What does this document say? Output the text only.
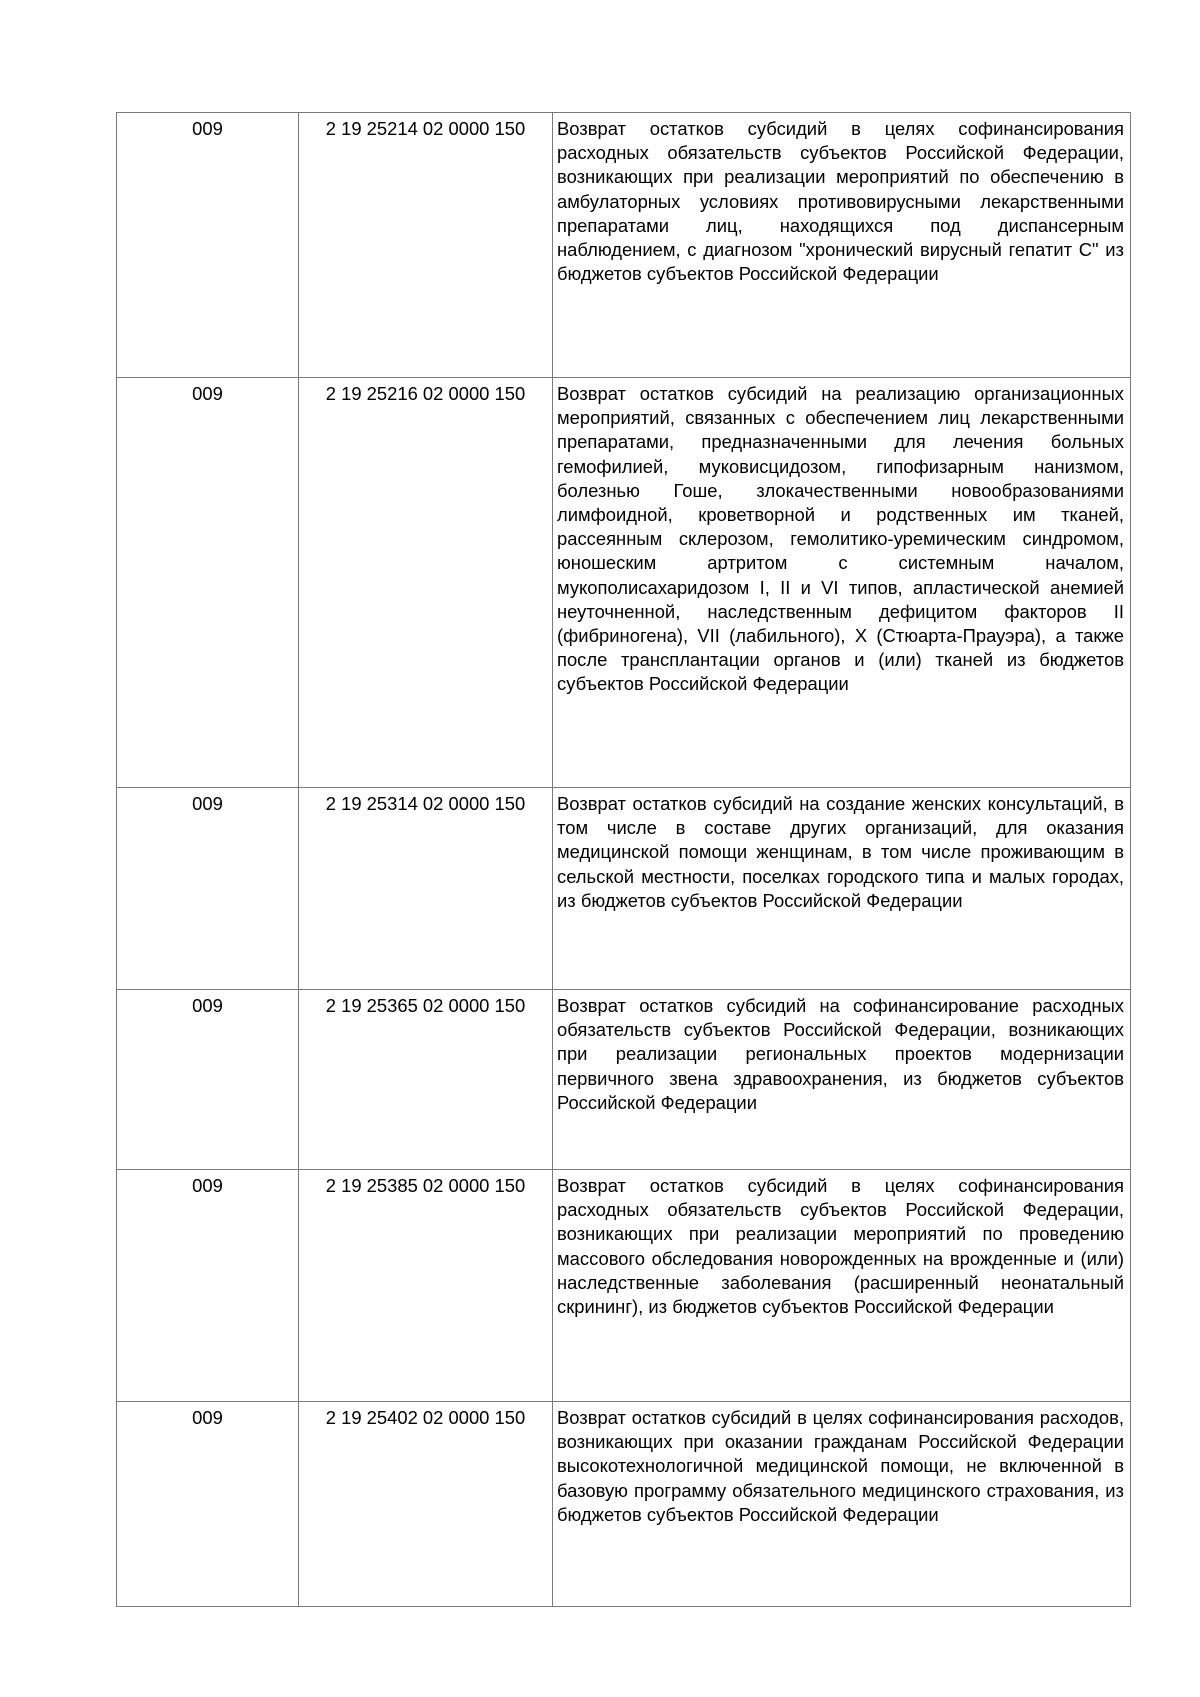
009	2 19 25214 02 0000 150	Возврат остатков субсидий в целях софинансирования расходных обязательств субъектов Российской Федерации, возникающих при реализации мероприятий по обеспечению в амбулаторных условиях противовирусными лекарственными препаратами лиц, находящихся под диспансерным наблюдением, с диагнозом "хронический вирусный гепатит С" из бюджетов субъектов Российской Федерации

009	2 19 25216 02 0000 150	Возврат остатков субсидий на реализацию организационных мероприятий, связанных с обеспечением лиц лекарственными препаратами, предназначенными для лечения больных гемофилией, муковисцидозом, гипофизарным нанизмом, болезнью Гоше, злокачественными новообразованиями лимфоидной, кроветворной и родственных им тканей, рассеянным склерозом, гемолитико-уремическим синдромом, юношеским артритом с системным началом, мукополисахаридозом I, II и VI типов, апластической анемией неуточненной, наследственным дефицитом факторов II (фибриногена), VII (лабильного), X (Стюарта-Прауэра), а также после трансплантации органов и (или) тканей из бюджетов субъектов Российской Федерации

009	2 19 25314 02 0000 150	Возврат остатков субсидий на создание женских консультаций, в том числе в составе других организаций, для оказания медицинской помощи женщинам, в том числе проживающим в сельской местности, поселках городского типа и малых городах, из бюджетов субъектов Российской Федерации

009	2 19 25365 02 0000 150	Возврат остатков субсидий на софинансирование расходных обязательств субъектов Российской Федерации, возникающих при реализации региональных проектов модернизации первичного звена здравоохранения, из бюджетов субъектов Российской Федерации

009	2 19 25385 02 0000 150	Возврат остатков субсидий в целях софинансирования расходных обязательств субъектов Российской Федерации, возникающих при реализации мероприятий по проведению массового обследования новорожденных на врожденные и (или) наследственные заболевания (расширенный неонатальный скрининг), из бюджетов субъектов Российской Федерации

009	2 19 25402 02 0000 150	Возврат остатков субсидий в целях софинансирования расходов, возникающих при оказании гражданам Российской Федерации высокотехнологичной медицинской помощи, не включенной в базовую программу обязательного медицинского страхования, из бюджетов субъектов Российской Федерации
